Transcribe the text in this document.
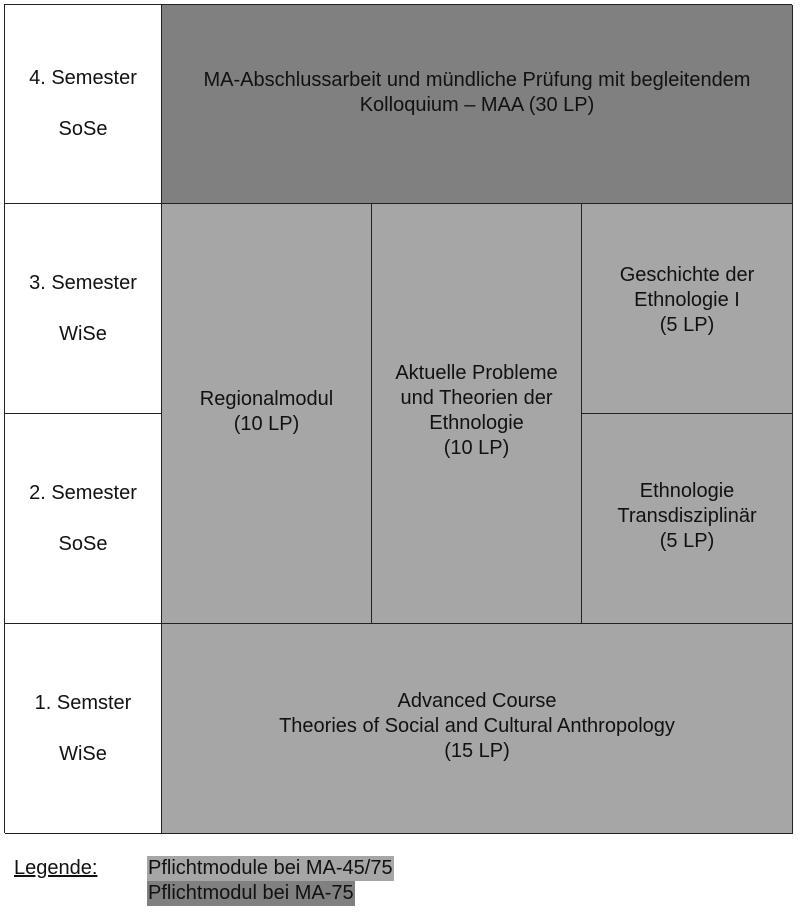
4. Semester
SoSe
MA-Abschlussarbeit und mündliche Prüfung mit begleitendem
Kolloquium – MAA (30 LP)
3. Semester
WiSe
Regionalmodul
(10 LP)
Aktuelle Probleme
und Theorien der
Ethnologie
(10 LP)
Geschichte der
Ethnologie I
(5 LP)
2. Semester
SoSe
Ethnologie
Transdisziplinär
(5 LP)
1. Semster
WiSe
Advanced Course
Theories of Social and Cultural Anthropology
(15 LP)
Legende:	Pflichtmodule bei MA-45/75
Pflichtmodul bei MA-75
